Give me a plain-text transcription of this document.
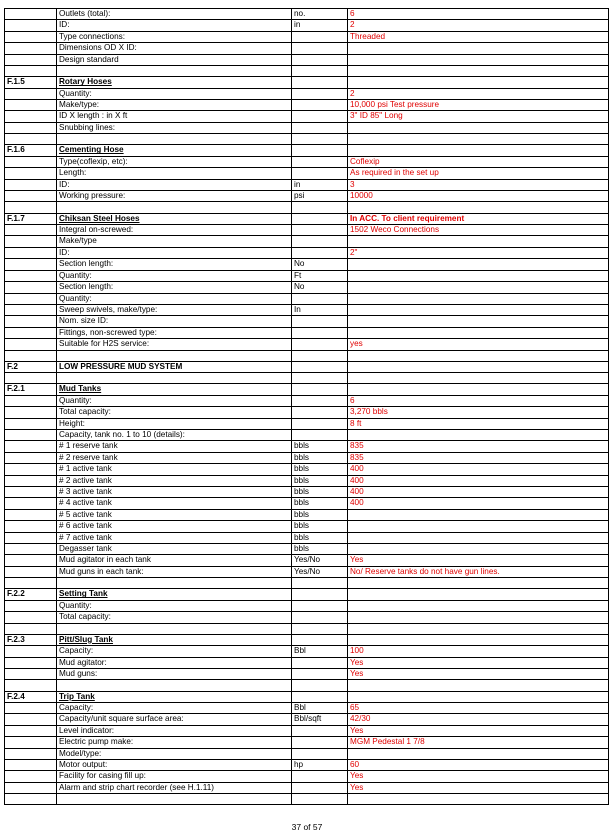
	Outlets (total):	no.	6
	ID:	in	2
	Type connections:		Threaded
	Dimensions OD X ID:		
	Design standard		

F.1.5	Rotary Hoses		
	Quantity:		2
	Make/type:		10,000 psi Test pressure
	ID X length : in X ft		3" ID 85" Long
	Snubbing lines:		

F.1.6	Cementing Hose		
	Type(coflexip, etc):		Coflexip
	Length:		As required in the set up
	ID:	in	3
	Working pressure:	psi	10000

F.1.7	Chiksan Steel Hoses		In ACC. To client requirement
	Integral on-screwed:		1502 Weco Connections
	Make/type		
	ID:		2"
	Section length:	No	
	Quantity:	Ft	
	Section length:	No	
	Quantity:		
	Sweep swivels, make/type:	In	
	Nom. size ID:		
	Fittings, non-screwed type:		
	Suitable for H2S service:		yes

F.2	LOW PRESSURE MUD SYSTEM		

F.2.1	Mud Tanks		
	Quantity:		6
	Total capacity:		3,270 bbls
	Height:		8 ft
	Capacity, tank no. 1 to 10 (details):		
	# 1 reserve tank	bbls	835
	# 2 reserve tank	bbls	835
	# 1 active tank	bbls	400
	# 2 active tank	bbls	400
	# 3 active tank	bbls	400
	# 4 active tank	bbls	400
	# 5 active tank	bbls	
	# 6 active tank	bbls	
	# 7 active tank	bbls	
	Degasser tank	bbls	
	Mud agitator in each tank	Yes/No	Yes
	Mud guns in each tank:	Yes/No	No/ Reserve tanks do not have gun lines.

F.2.2	Setting Tank		
	Quantity:		
	Total capacity:		

F.2.3	Pitt/Slug Tank		
	Capacity:	Bbl	100
	Mud agitator:		Yes
	Mud guns:		Yes

F.2.4	Trip Tank		
	Capacity:	Bbl	65
	Capacity/unit square surface area:	Bbl/sqft	42/30
	Level indicator:		Yes
	Electric pump make:		MGM Pedestal 1 7/8
	Model/type:		
	Motor output:	hp	60
	Facility for casing fill up:		Yes
	Alarm and strip chart recorder (see H.1.11)		Yes

37 of 57
